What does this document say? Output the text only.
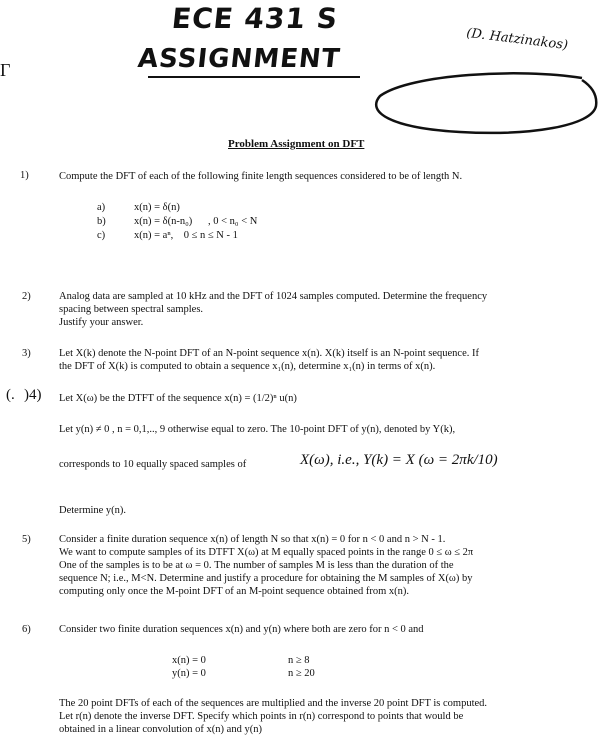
ECE 431 S
(D. Hatzinakos)
ASSIGNMENT
Γ
Problem Assignment on DFT
1)	Compute the DFT of each of the following finite length sequences considered to be of length N.
a)	x(n) = δ(n)
b)	x(n) = δ(n-n₀)      , 0 < n₀ < N
c)	x(n) = aⁿ,    0 ≤ n ≤ N - 1
2)	Analog data are sampled at 10 kHz and the DFT of 1024 samples computed. Determine the frequency
spacing between spectral samples.
Justify your answer.
3)	Let X(k) denote the N-point DFT of an N-point sequence x(n). X(k) itself is an N-point sequence. If
the DFT of X(k) is computed to obtain a sequence x₁(n), determine x₁(n) in terms of x(n).
(. )4) Let X(ω) be the DTFT of the sequence x(n) = (1/2)ⁿ u(n)
Let y(n) ≠ 0 , n = 0,1,.., 9 otherwise equal to zero. The 10-point DFT of y(n), denoted by Y(k),
corresponds to 10 equally spaced samples of	X(ω), i.e., Y(k) = X (ω = 2πk/10)
Determine y(n).
5)	Consider a finite duration sequence x(n) of length N so that x(n) = 0 for n < 0 and n > N - 1.
We want to compute samples of its DTFT X(ω) at M equally spaced points in the range 0 ≤ ω ≤ 2π
One of the samples is to be at ω = 0. The number of samples M is less than the duration of the
sequence N; i.e., M<N. Determine and justify a procedure for obtaining the M samples of X(ω) by
computing only once the M-point DFT of an M-point sequence obtained from x(n).
6)	Consider two finite duration sequences x(n) and y(n) where both are zero for n < 0 and
x(n) = 0	n ≥ 8
y(n) = 0	n ≥ 20
The 20 point DFTs of each of the sequences are multiplied and the inverse 20 point DFT is computed.
Let r(n) denote the inverse DFT. Specify which points in r(n) correspond to points that would be
obtained in a linear convolution of x(n) and y(n)
